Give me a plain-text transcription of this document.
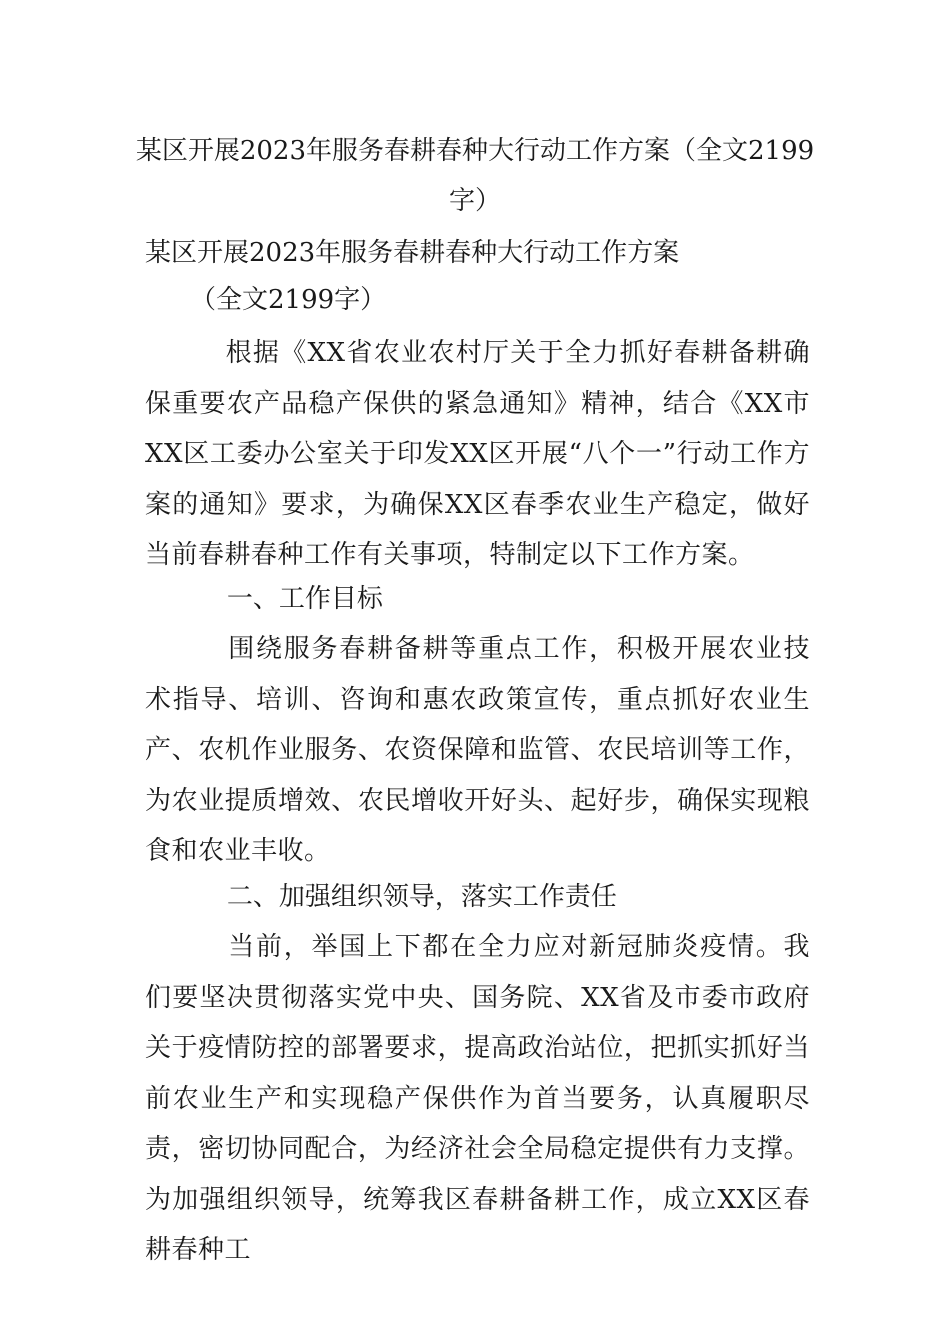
某区开展2023年服务春耕春种大行动工作方案（全文2199字）

某区开展2023年服务春耕春种大行动工作方案

（全文2199字）

根据《XX省农业农村厅关于全力抓好春耕备耕确保重要农产品稳产保供的紧急通知》精神，结合《XX市XX区工委办公室关于印发XX区开展“八个一”行动工作方案的通知》要求，为确保XX区春季农业生产稳定，做好当前春耕春种工作有关事项，特制定以下工作方案。

一、工作目标

围绕服务春耕备耕等重点工作，积极开展农业技术指导、培训、咨询和惠农政策宣传，重点抓好农业生产、农机作业服务、农资保障和监管、农民培训等工作，为农业提质增效、农民增收开好头、起好步，确保实现粮食和农业丰收。

二、加强组织领导，落实工作责任

当前，举国上下都在全力应对新冠肺炎疫情。我们要坚决贯彻落实党中央、国务院、XX省及市委市政府关于疫情防控的部署要求，提高政治站位，把抓实抓好当前农业生产和实现稳产保供作为首当要务，认真履职尽责，密切协同配合，为经济社会全局稳定提供有力支撑。为加强组织领导，统筹我区春耕备耕工作，成立XX区春耕春种工
